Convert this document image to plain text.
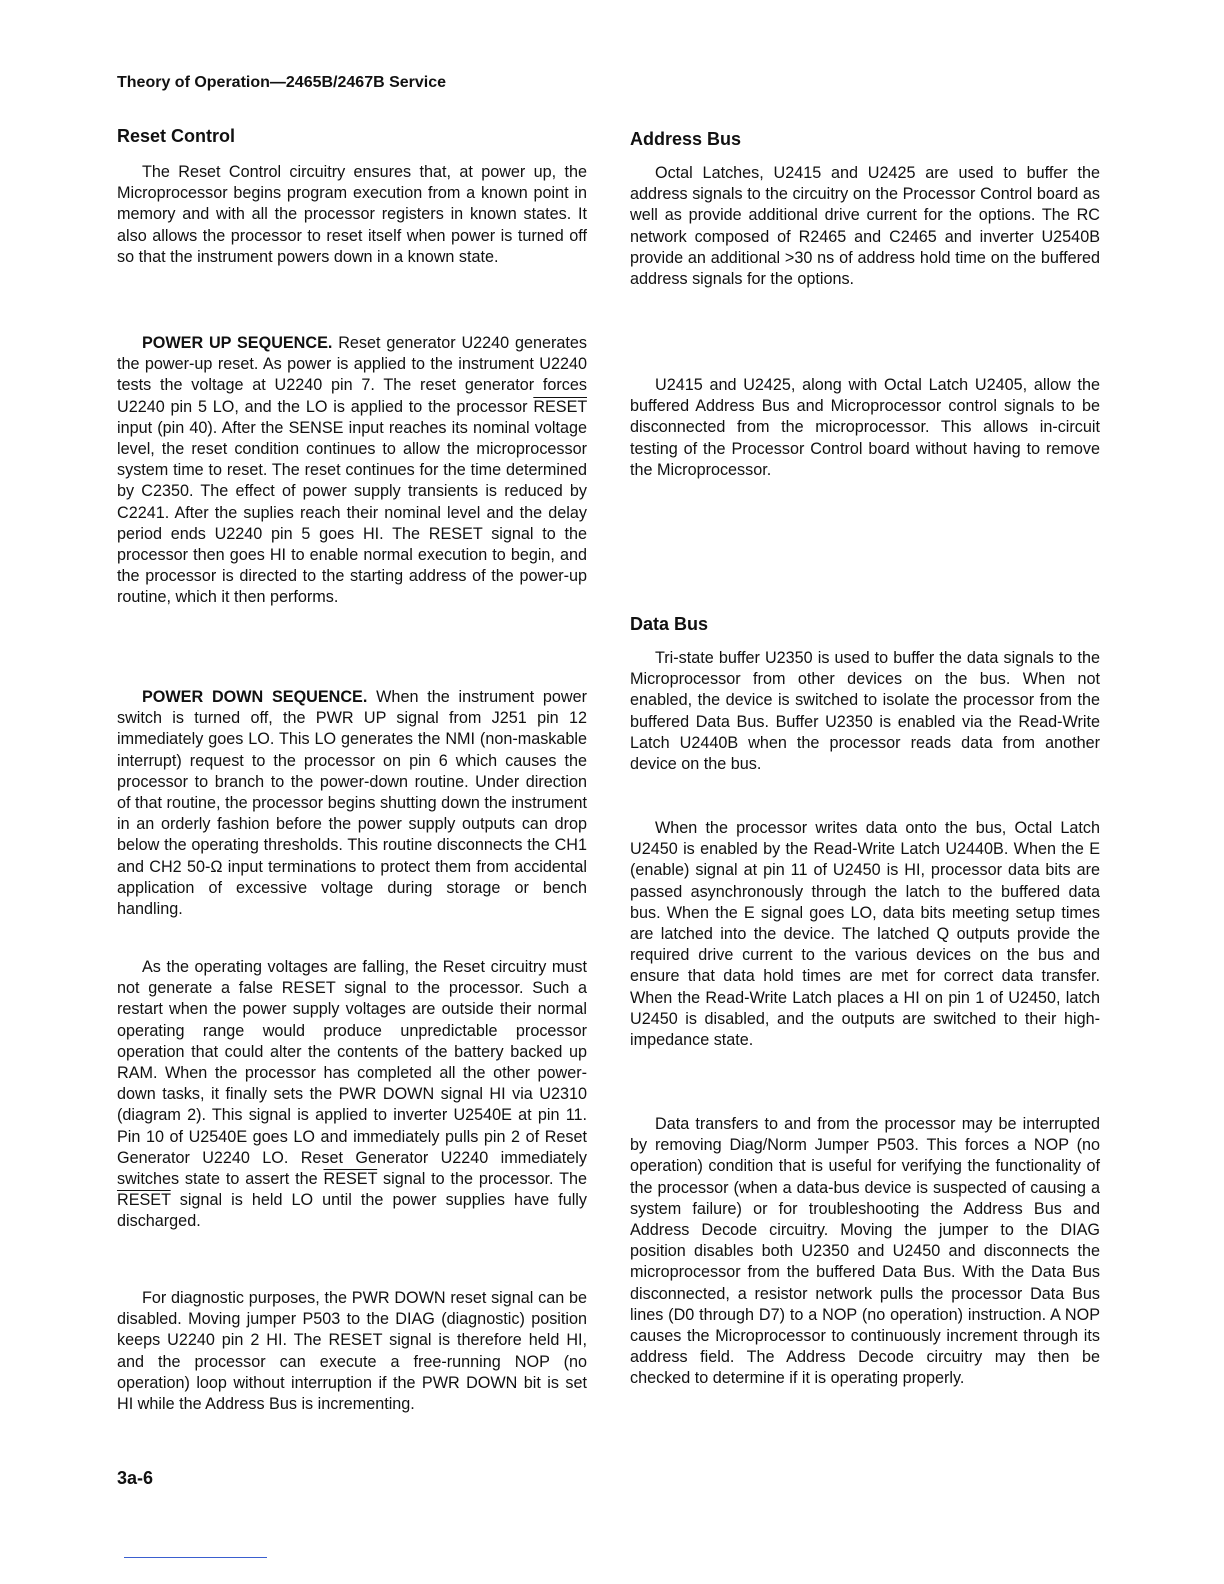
Theory of Operation—2465B/2467B Service
Reset Control

The Reset Control circuitry ensures that, at power up, the Microprocessor begins program execution from a known point in memory and with all the processor registers in known states. It also allows the processor to reset itself when power is turned off so that the instrument powers down in a known state.

POWER UP SEQUENCE. Reset generator U2240 generates the power-up reset. As power is applied to the instrument U2240 tests the voltage at U2240 pin 7. The reset generator forces U2240 pin 5 LO, and the LO is applied to the processor RESET input (pin 40). After the SENSE input reaches its nominal voltage level, the reset condition continues to allow the microprocessor system time to reset. The reset continues for the time determined by C2350. The effect of power supply transients is reduced by C2241. After the suplies reach their nominal level and the delay period ends U2240 pin 5 goes HI. The RESET signal to the processor then goes HI to enable normal execution to begin, and the processor is directed to the starting address of the power-up routine, which it then performs.

POWER DOWN SEQUENCE. When the instrument power switch is turned off, the PWR UP signal from J251 pin 12 immediately goes LO. This LO generates the NMI (non-maskable interrupt) request to the processor on pin 6 which causes the processor to branch to the power-down routine. Under direction of that routine, the processor begins shutting down the instrument in an orderly fashion before the power supply outputs can drop below the operating thresholds. This routine disconnects the CH1 and CH2 50-Ω input terminations to protect them from accidental application of excessive voltage during storage or bench handling.

As the operating voltages are falling, the Reset circuitry must not generate a false RESET signal to the processor. Such a restart when the power supply voltages are outside their normal operating range would produce unpredictable processor operation that could alter the contents of the battery backed up RAM. When the processor has completed all the other power-down tasks, it finally sets the PWR DOWN signal HI via U2310 (diagram 2). This signal is applied to inverter U2540E at pin 11. Pin 10 of U2540E goes LO and immediately pulls pin 2 of Reset Generator U2240 LO. Reset Generator U2240 immediately switches state to assert the RESET signal to the processor. The RESET signal is held LO until the power supplies have fully discharged.

For diagnostic purposes, the PWR DOWN reset signal can be disabled. Moving jumper P503 to the DIAG (diagnostic) position keeps U2240 pin 2 HI. The RESET signal is therefore held HI, and the processor can execute a free-running NOP (no operation) loop without interruption if the PWR DOWN bit is set HI while the Address Bus is incrementing.

Address Bus

Octal Latches, U2415 and U2425 are used to buffer the address signals to the circuitry on the Processor Control board as well as provide additional drive current for the options. The RC network composed of R2465 and C2465 and inverter U2540B provide an additional >30 ns of address hold time on the buffered address signals for the options.

U2415 and U2425, along with Octal Latch U2405, allow the buffered Address Bus and Microprocessor control signals to be disconnected from the microprocessor. This allows in-circuit testing of the Processor Control board without having to remove the Microprocessor.

Data Bus

Tri-state buffer U2350 is used to buffer the data signals to the Microprocessor from other devices on the bus. When not enabled, the device is switched to isolate the processor from the buffered Data Bus. Buffer U2350 is enabled via the Read-Write Latch U2440B when the processor reads data from another device on the bus.

When the processor writes data onto the bus, Octal Latch U2450 is enabled by the Read-Write Latch U2440B. When the E (enable) signal at pin 11 of U2450 is HI, processor data bits are passed asynchronously through the latch to the buffered data bus. When the E signal goes LO, data bits meeting setup times are latched into the device. The latched Q outputs provide the required drive current to the various devices on the bus and ensure that data hold times are met for correct data transfer. When the Read-Write Latch places a HI on pin 1 of U2450, latch U2450 is disabled, and the outputs are switched to their high-impedance state.

Data transfers to and from the processor may be interrupted by removing Diag/Norm Jumper P503. This forces a NOP (no operation) condition that is useful for verifying the functionality of the processor (when a data-bus device is suspected of causing a system failure) or for troubleshooting the Address Bus and Address Decode circuitry. Moving the jumper to the DIAG position disables both U2350 and U2450 and disconnects the microprocessor from the buffered Data Bus. With the Data Bus disconnected, a resistor network pulls the processor Data Bus lines (D0 through D7) to a NOP (no operation) instruction. A NOP causes the Microprocessor to continuously increment through its address field. The Address Decode circuitry may then be checked to determine if it is operating properly.

3a-6
